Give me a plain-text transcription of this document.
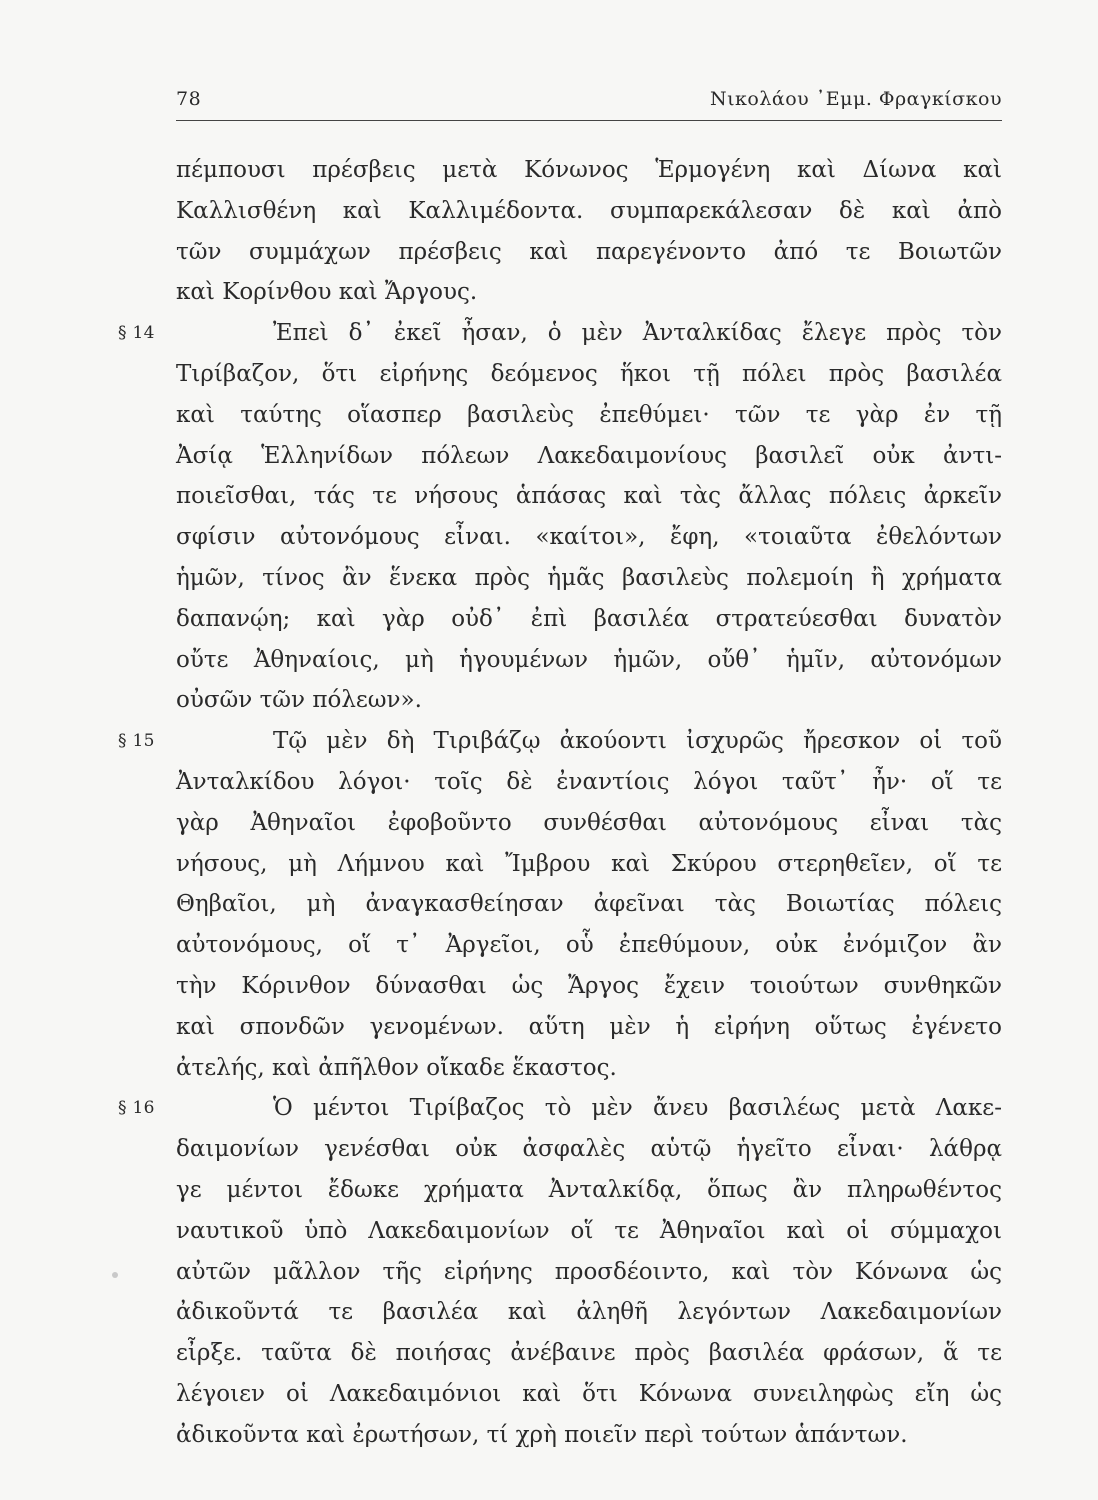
78	Νικολάου ᾿Εμμ. Φραγκίσκου
πέμπουσι πρέσβεις μετὰ Κόνωνος Ἑρμογένη καὶ Δίωνα καὶ
Καλλισθένη καὶ Καλλιμέδοντα. συμπαρεκάλεσαν δὲ καὶ ἀπὸ
τῶν συμμάχων πρέσβεις καὶ παρεγένοντο ἀπό τε Βοιωτῶν
καὶ Κορίνθου καὶ Ἄργους.
§ 14	Ἐπεὶ δ᾿ ἐκεῖ ἦσαν, ὁ μὲν Ἀνταλκίδας ἔλεγε πρὸς τὸν
Τιρίβαζον, ὅτι εἰρήνης δεόμενος ἥκοι τῇ πόλει πρὸς βασιλέα
καὶ ταύτης οἵασπερ βασιλεὺς ἐπεθύμει· τῶν τε γὰρ ἐν τῇ
Ἀσίᾳ Ἑλληνίδων πόλεων Λακεδαιμονίους βασιλεῖ οὐκ ἀντι-
ποιεῖσθαι, τάς τε νήσους ἁπάσας καὶ τὰς ἄλλας πόλεις ἀρκεῖν
σφίσιν αὐτονόμους εἶναι. «καίτοι», ἔφη, «τοιαῦτα ἐθελόντων
ἡμῶν, τίνος ἂν ἕνεκα πρὸς ἡμᾶς βασιλεὺς πολεμοίη ἢ χρήματα
δαπανῴη; καὶ γὰρ οὐδ᾿ ἐπὶ βασιλέα στρατεύεσθαι δυνατὸν
οὔτε Ἀθηναίοις, μὴ ἡγουμένων ἡμῶν, οὔθ᾿ ἡμῖν, αὐτονόμων
οὐσῶν τῶν πόλεων».
§ 15	Τῷ μὲν δὴ Τιριβάζῳ ἀκούοντι ἰσχυρῶς ἤρεσκον οἱ τοῦ
Ἀνταλκίδου λόγοι· τοῖς δὲ ἐναντίοις λόγοι ταῦτ᾿ ἦν· οἵ τε
γὰρ Ἀθηναῖοι ἐφοβοῦντο συνθέσθαι αὐτονόμους εἶναι τὰς
νήσους, μὴ Λήμνου καὶ Ἴμβρου καὶ Σκύρου στερηθεῖεν, οἵ τε
Θηβαῖοι, μὴ ἀναγκασθείησαν ἀφεῖναι τὰς Βοιωτίας πόλεις
αὐτονόμους, οἵ τ᾿ Ἀργεῖοι, οὗ ἐπεθύμουν, οὐκ ἐνόμιζον ἂν
τὴν Κόρινθον δύνασθαι ὡς Ἄργος ἔχειν τοιούτων συνθηκῶν
καὶ σπονδῶν γενομένων. αὕτη μὲν ἡ εἰρήνη οὕτως ἐγένετο
ἀτελής, καὶ ἀπῆλθον οἴκαδε ἕκαστος.
§ 16	Ὁ μέντοι Τιρίβαζος τὸ μὲν ἄνευ βασιλέως μετὰ Λακε-
δαιμονίων γενέσθαι οὐκ ἀσφαλὲς αὑτῷ ἡγεῖτο εἶναι· λάθρᾳ
γε μέντοι ἔδωκε χρήματα Ἀνταλκίδᾳ, ὅπως ἂν πληρωθέντος
ναυτικοῦ ὑπὸ Λακεδαιμονίων οἵ τε Ἀθηναῖοι καὶ οἱ σύμμαχοι
αὐτῶν μᾶλλον τῆς εἰρήνης προσδέοιντο, καὶ τὸν Κόνωνα ὡς
ἀδικοῦντά τε βασιλέα καὶ ἀληθῆ λεγόντων Λακεδαιμονίων
εἶρξε. ταῦτα δὲ ποιήσας ἀνέβαινε πρὸς βασιλέα φράσων, ἅ τε
λέγοιεν οἱ Λακεδαιμόνιοι καὶ ὅτι Κόνωνα συνειληφὼς εἴη ὡς
ἀδικοῦντα καὶ ἐρωτήσων, τί χρὴ ποιεῖν περὶ τούτων ἁπάντων.
